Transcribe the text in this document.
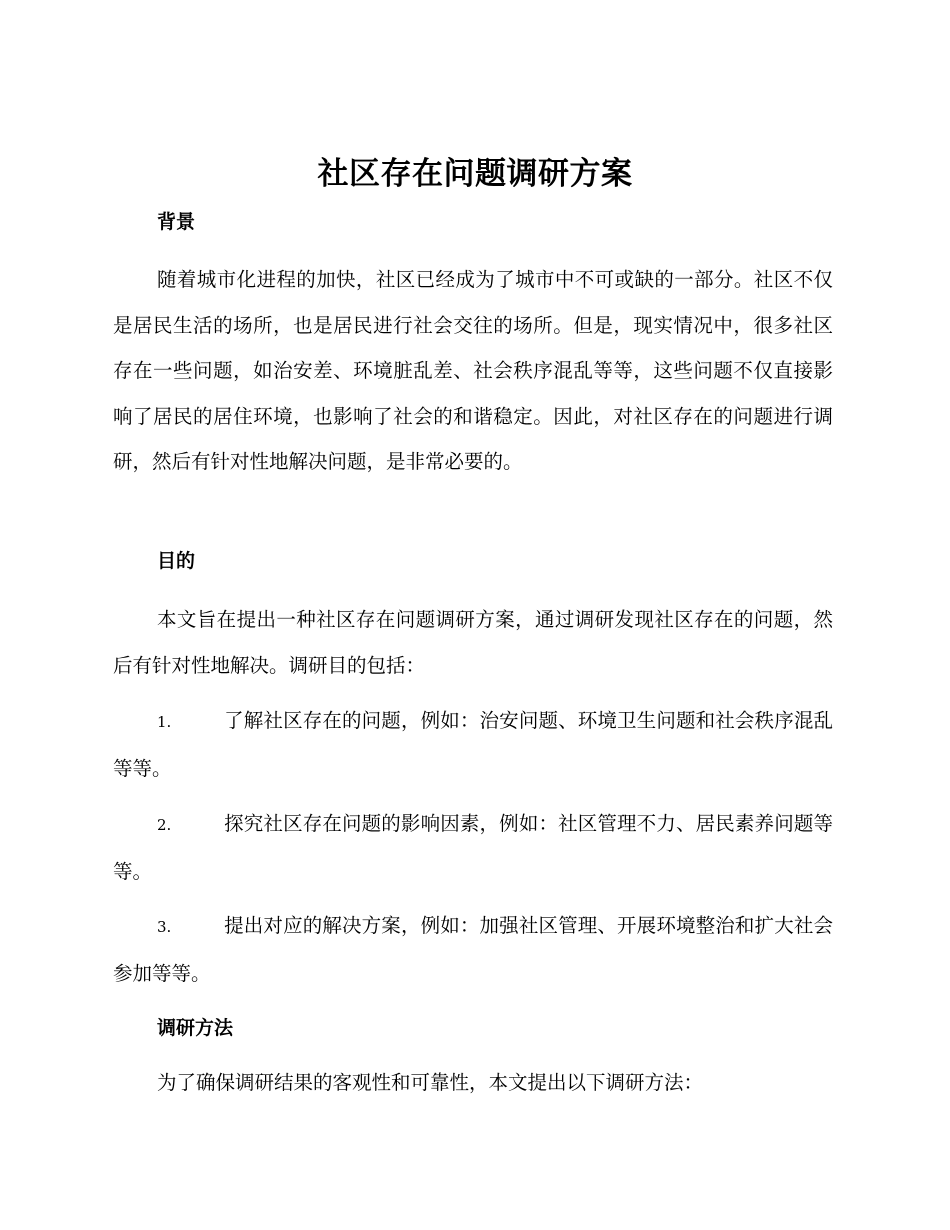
社区存在问题调研方案
背景

随着城市化进程的加快，社区已经成为了城市中不可或缺的一部分。社区不仅是居民生活的场所，也是居民进行社会交往的场所。但是，现实情况中，很多社区存在一些问题，如治安差、环境脏乱差、社会秩序混乱等等，这些问题不仅直接影响了居民的居住环境，也影响了社会的和谐稳定。因此，对社区存在的问题进行调研，然后有针对性地解决问题，是非常必要的。

目的

本文旨在提出一种社区存在问题调研方案，通过调研发现社区存在的问题，然后有针对性地解决。调研目的包括：

1.	了解社区存在的问题，例如：治安问题、环境卫生问题和社会秩序混乱等等。

2.	探究社区存在问题的影响因素，例如：社区管理不力、居民素养问题等等。

3.	提出对应的解决方案，例如：加强社区管理、开展环境整治和扩大社会参加等等。

调研方法

为了确保调研结果的客观性和可靠性，本文提出以下调研方法：
